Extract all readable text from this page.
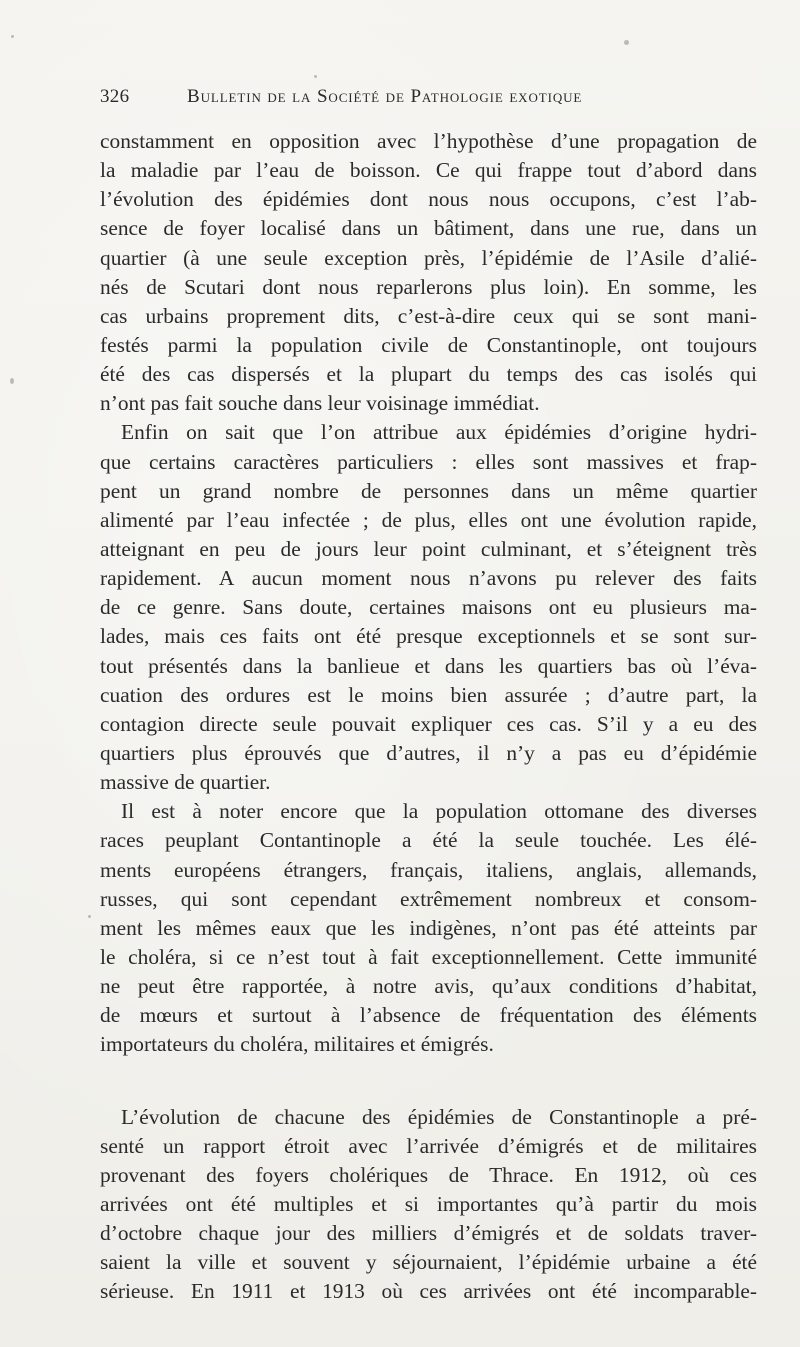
326	Bulletin de la Société de Pathologie exotique
constamment en opposition avec l’hypothèse d’une propagation de
la maladie par l’eau de boisson. Ce qui frappe tout d’abord dans
l’évolution des épidémies dont nous nous occupons, c’est l’ab-
sence de foyer localisé dans un bâtiment, dans une rue, dans un
quartier (à une seule exception près, l’épidémie de l’Asile d’alié-
nés de Scutari dont nous reparlerons plus loin). En somme, les
cas urbains proprement dits, c’est-à-dire ceux qui se sont mani-
festés parmi la population civile de Constantinople, ont toujours
été des cas dispersés et la plupart du temps des cas isolés qui
n’ont pas fait souche dans leur voisinage immédiat.
Enfin on sait que l’on attribue aux épidémies d’origine hydri-
que certains caractères particuliers : elles sont massives et frap-
pent un grand nombre de personnes dans un même quartier
alimenté par l’eau infectée ; de plus, elles ont une évolution rapide,
atteignant en peu de jours leur point culminant, et s’éteignent très
rapidement. A aucun moment nous n’avons pu relever des faits
de ce genre. Sans doute, certaines maisons ont eu plusieurs ma-
lades, mais ces faits ont été presque exceptionnels et se sont sur-
tout présentés dans la banlieue et dans les quartiers bas où l’éva-
cuation des ordures est le moins bien assurée ; d’autre part, la
contagion directe seule pouvait expliquer ces cas. S’il y a eu des
quartiers plus éprouvés que d’autres, il n’y a pas eu d’épidémie
massive de quartier.
Il est à noter encore que la population ottomane des diverses
races peuplant Contantinople a été la seule touchée. Les élé-
ments européens étrangers, français, italiens, anglais, allemands,
russes, qui sont cependant extrêmement nombreux et consom-
ment les mêmes eaux que les indigènes, n’ont pas été atteints par
le choléra, si ce n’est tout à fait exceptionnellement. Cette immunité
ne peut être rapportée, à notre avis, qu’aux conditions d’habitat,
de mœurs et surtout à l’absence de fréquentation des éléments
importateurs du choléra, militaires et émigrés.
L’évolution de chacune des épidémies de Constantinople a pré-
senté un rapport étroit avec l’arrivée d’émigrés et de militaires
provenant des foyers cholériques de Thrace. En 1912, où ces
arrivées ont été multiples et si importantes qu’à partir du mois
d’octobre chaque jour des milliers d’émigrés et de soldats traver-
saient la ville et souvent y séjournaient, l’épidémie urbaine a été
sérieuse. En 1911 et 1913 où ces arrivées ont été incomparable-
